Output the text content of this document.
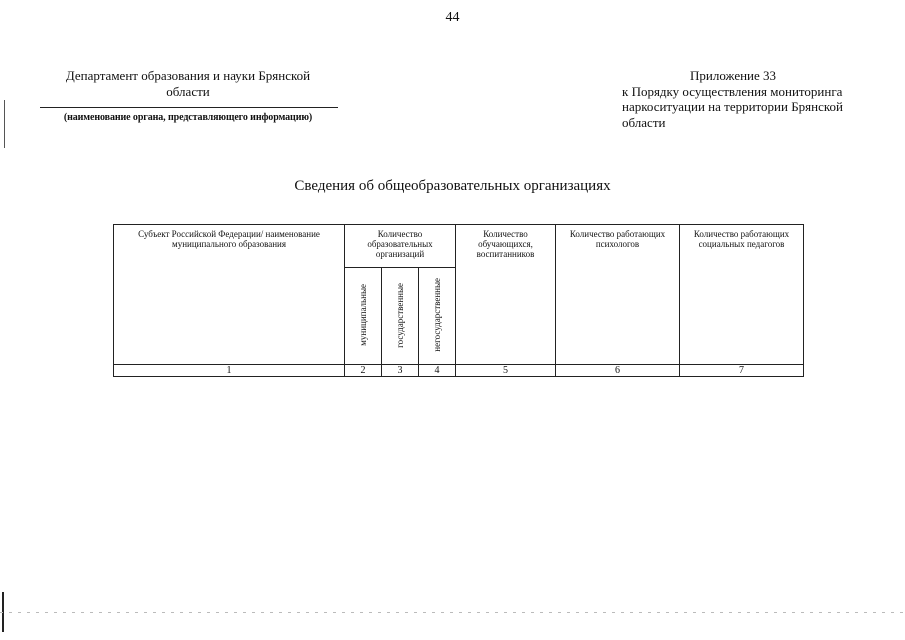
44
Департамент образования и науки Брянской
области
(наименование органа, представляющего информацию)
Приложение 33
к Порядку осуществления мониторинга
наркоситуации на территории Брянской
области
Сведения об общеобразовательных организациях
Субъект Российской Федерации/ наименование муниципального образования	Количество образовательных организаций			Количество обучающихся, воспитанников	Количество работающих психологов	Количество работающих социальных педагогов
	муниципальные	государственные	негосударственные			
1	2	3	4	5	6	7
